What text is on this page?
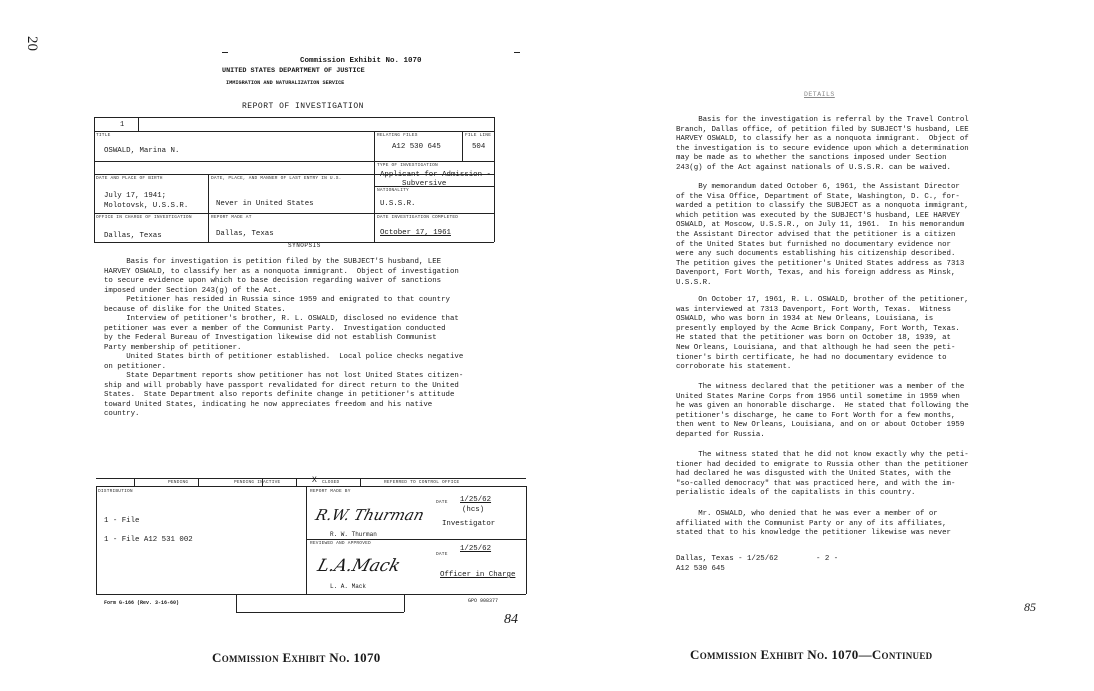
20
Commission Exhibit No. 1070
UNITED STATES DEPARTMENT OF JUSTICE
IMMIGRATION AND NATURALIZATION SERVICE
REPORT OF INVESTIGATION
1
TITLE
OSWALD, Marina N.
RELATING FILES
A12 530 645
FILE LINE
504
TYPE OF INVESTIGATION
Applicant for Admission -
Subversive
DATE AND PLACE OF BIRTH
July 17, 1941;
Molotovsk, U.S.S.R.
DATE, PLACE, AND MANNER OF LAST ENTRY IN U.S.
Never in United States
NATIONALITY
U.S.S.R.
OFFICE IN CHARGE OF INVESTIGATION
Dallas, Texas
REPORT MADE AT
Dallas, Texas
DATE INVESTIGATION COMPLETED
October 17, 1961
SYNOPSIS
Basis for investigation is petition filed by the SUBJECT'S husband, LEE
HARVEY OSWALD, to classify her as a nonquota immigrant.  Object of investigation
to secure evidence upon which to base decision regarding waiver of sanctions
imposed under Section 243(g) of the Act.
Petitioner has resided in Russia since 1959 and emigrated to that country
because of dislike for the United States.
Interview of petitioner's brother, R. L. OSWALD, disclosed no evidence that
petitioner was ever a member of the Communist Party.  Investigation conducted
by the Federal Bureau of Investigation likewise did not establish Communist
Party membership of petitioner.
United States birth of petitioner established.  Local police checks negative
on petitioner.
State Department reports show petitioner has not lost United States citizen-
ship and will probably have passport revalidated for direct return to the United
States.  State Department also reports definite change in petitioner's attitude
toward United States, indicating he now appreciates freedom and his native
country.
PENDING	PENDING INACTIVE	X CLOSED	REFERRED TO CONTROL OFFICE
DISTRIBUTION
1 - File
1 - File A12 531 002
REPORT MADE BY
DATE 1/25/62
(hcs)
R.W. Thurman Investigator
R. W. Thurman
REVIEWED AND APPROVED
DATE
1/25/62
L.A.Mack	Officer in Charge
L. A. Mack
Form G-166 (Rev. 3-16-60)	GPO 908377
84
Commission Exhibit No. 1070
DETAILS
Basis for the investigation is referral by the Travel Control
Branch, Dallas office, of petition filed by SUBJECT'S husband, LEE
HARVEY OSWALD, to classify her as a nonquota immigrant.  Object of
the investigation is to secure evidence upon which a determination
may be made as to whether the sanctions imposed under Section
243(g) of the Act against nationals of U.S.S.R. can be waived.
By memorandum dated October 6, 1961, the Assistant Director
of the Visa Office, Department of State, Washington, D. C., for-
warded a petition to classify the SUBJECT as a nonquota immigrant,
which petition was executed by the SUBJECT'S husband, LEE HARVEY
OSWALD, at Moscow, U.S.S.R., on July 11, 1961.  In his memorandum
the Assistant Director advised that the petitioner is a citizen
of the United States but furnished no documentary evidence nor
were any such documents establishing his citizenship described.
The petition gives the petitioner's United States address as 7313
Davenport, Fort Worth, Texas, and his foreign address as Minsk,
U.S.S.R.
On October 17, 1961, R. L. OSWALD, brother of the petitioner,
was interviewed at 7313 Davenport, Fort Worth, Texas.  Witness
OSWALD, who was born in 1934 at New Orleans, Louisiana, is
presently employed by the Acme Brick Company, Fort Worth, Texas.
He stated that the petitioner was born on October 18, 1939, at
New Orleans, Louisiana, and that although he had seen the peti-
tioner's birth certificate, he had no documentary evidence to
corroborate his statement.
The witness declared that the petitioner was a member of the
United States Marine Corps from 1956 until sometime in 1959 when
he was given an honorable discharge.  He stated that following the
petitioner's discharge, he came to Fort Worth for a few months,
then went to New Orleans, Louisiana, and on or about October 1959
departed for Russia.
The witness stated that he did not know exactly why the peti-
tioner had decided to emigrate to Russia other than the petitioner
had declared he was disgusted with the United States, with the
"so-called democracy" that was practiced here, and with the im-
perialistic ideals of the capitalists in this country.
Mr. OSWALD, who denied that he was ever a member of or
affiliated with the Communist Party or any of its affiliates,
stated that to his knowledge the petitioner likewise was never
Dallas, Texas - 1/25/62	- 2 -
A12 530 645
85
Commission Exhibit No. 1070—Continued
